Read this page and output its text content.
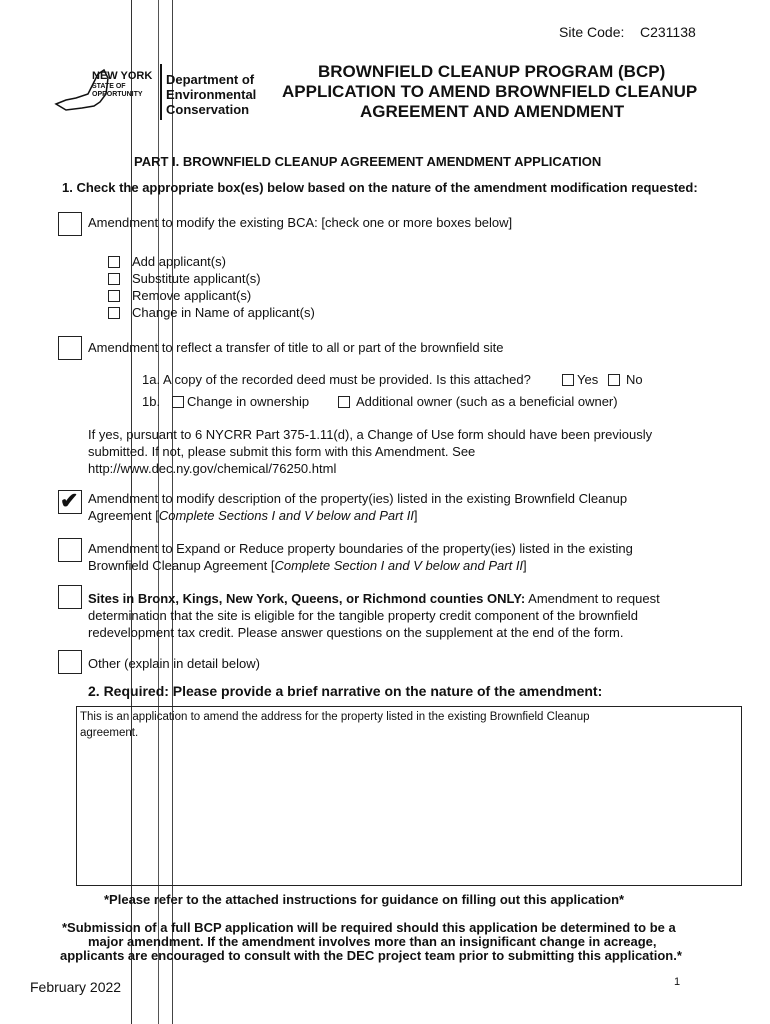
Site Code: C231138
NEW YORK
STATE OF
OPPORTUNITY
Department of
Environmental
Conservation
BROWNFIELD CLEANUP PROGRAM (BCP)
APPLICATION TO AMEND BROWNFIELD CLEANUP
AGREEMENT AND AMENDMENT
PART I. BROWNFIELD CLEANUP AGREEMENT AMENDMENT APPLICATION
1. Check the appropriate box(es) below based on the nature of the amendment modification requested:
Amendment to modify the existing BCA: [check one or more boxes below]
Add applicant(s)
Substitute applicant(s)
Remove applicant(s)
Change in Name of applicant(s)
Amendment to reflect a transfer of title to all or part of the brownfield site
1a. A copy of the recorded deed must be provided. Is this attached?	Yes No
1b. Change in ownership	Additional owner (such as a beneficial owner)
If yes, pursuant to 6 NYCRR Part 375-1.11(d), a Change of Use form should have been previously
submitted. If not, please submit this form with this Amendment. See
http://www.dec.ny.gov/chemical/76250.html
✔ Amendment to modify description of the property(ies) listed in the existing Brownfield Cleanup
Agreement [Complete Sections I and V below and Part II]
Amendment to Expand or Reduce property boundaries of the property(ies) listed in the existing
Brownfield Cleanup Agreement [Complete Section I and V below and Part II]
Sites in Bronx, Kings, New York, Queens, or Richmond counties ONLY: Amendment to request
determination that the site is eligible for the tangible property credit component of the brownfield
redevelopment tax credit. Please answer questions on the supplement at the end of the form.
Other (explain in detail below)
2. Required: Please provide a brief narrative on the nature of the amendment:
This is an application to amend the address for the property listed in the existing Brownfield Cleanup
agreement.
*Please refer to the attached instructions for guidance on filling out this application*
*Submission of a full BCP application will be required should this application be determined to be a
major amendment. If the amendment involves more than an insignificant change in acreage,
applicants are encouraged to consult with the DEC project team prior to submitting this application.*
February 2022	1
